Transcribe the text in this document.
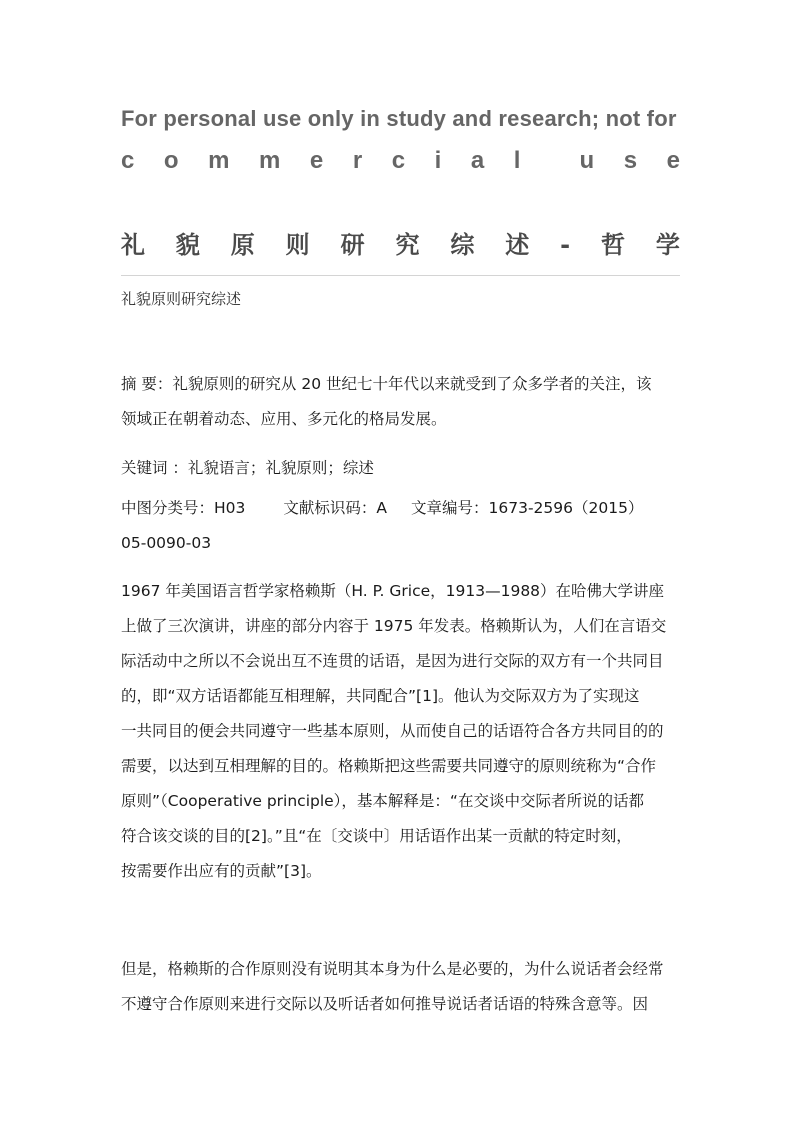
For personal use only in study and research; not for
c o m m e r c i a l u s e
礼 貌 原 则 研 究 综 述 - 哲 学
礼貌原则研究综述
摘 要：礼貌原则的研究从 20 世纪七十年代以来就受到了众多学者的关注，该
领域正在朝着动态、应用、多元化的格局发展。
关键词 ：礼貌语言；礼貌原则；综述
中图分类号：H03 文献标识码：A 文章编号：1673-2596（2015）
05-0090-03
1967 年美国语言哲学家格赖斯（H. P. Grice，1913—1988）在哈佛大学讲座
上做了三次演讲，讲座的部分内容于 1975 年发表。格赖斯认为，人们在言语交
际活动中之所以不会说出互不连贯的话语，是因为进行交际的双方有一个共同目
的，即“双方话语都能互相理解，共同配合”[1]。他认为交际双方为了实现这
一共同目的便会共同遵守一些基本原则，从而使自己的话语符合各方共同目的的
需要，以达到互相理解的目的。格赖斯把这些需要共同遵守的原则统称为“合作
原则”（Cooperative principle），基本解释是：“在交谈中交际者所说的话都
符合该交谈的目的[2]。”且“在〔交谈中〕用话语作出某一贡献的特定时刻，
按需要作出应有的贡献”[3]。
但是，格赖斯的合作原则没有说明其本身为什么是必要的，为什么说话者会经常
不遵守合作原则来进行交际以及听话者如何推导说话者话语的特殊含意等。因
